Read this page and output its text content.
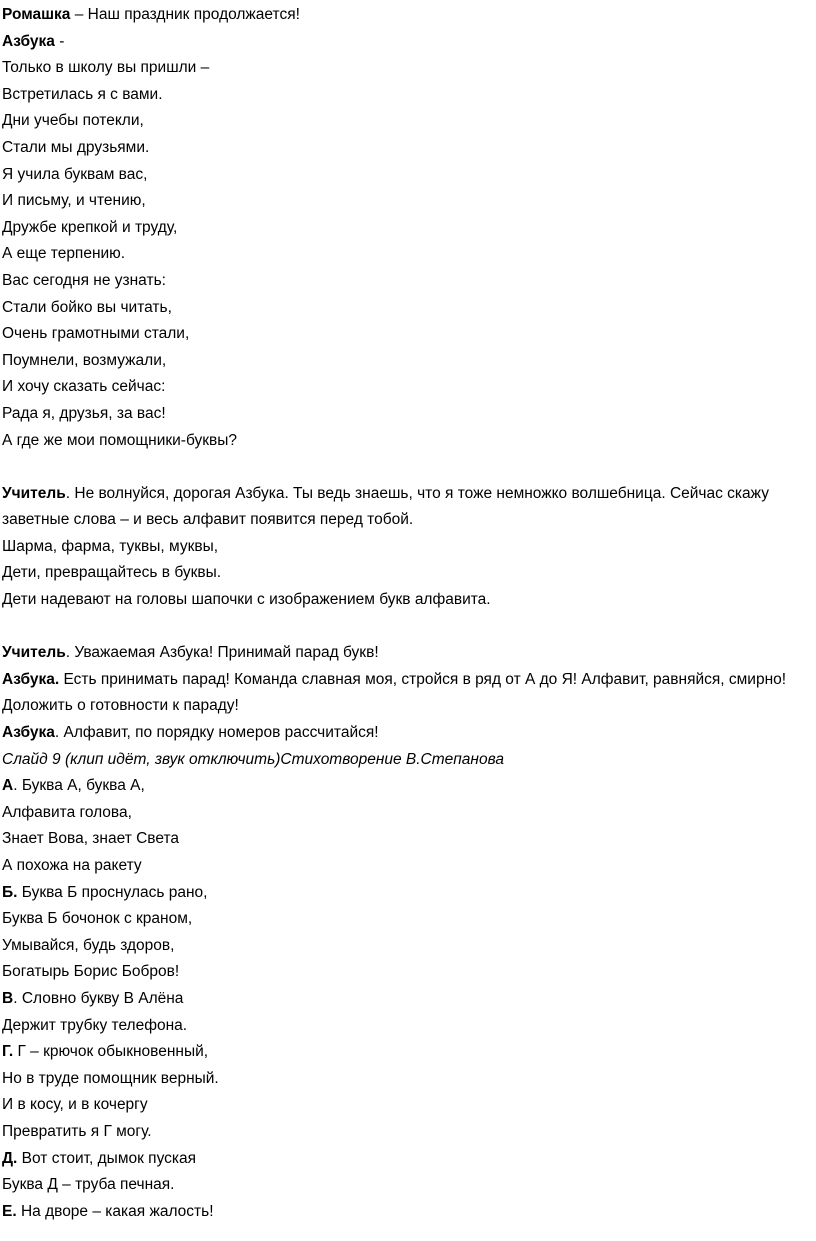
Ромашка – Наш праздник продолжается!

Азбука -

Только в школу вы пришли –

Встретилась я с вами.

Дни учебы потекли,

Стали мы друзьями.

Я учила буквам вас,

И письму, и чтению,

Дружбе крепкой и труду,

А еще терпению.

Вас сегодня не узнать:

Стали бойко вы читать,

Очень грамотными стали,

Поумнели, возмужали,

И хочу сказать сейчас:

Рада я, друзья, за вас!

А где же мои помощники-буквы?

Учитель. Не волнуйся, дорогая Азбука. Ты ведь знаешь, что я тоже немножко волшебница. Сейчас скажу заветные слова – и весь алфавит появится перед тобой.

Шарма, фарма, туквы, муквы,

Дети, превращайтесь в буквы.

Дети надевают на головы шапочки с изображением букв алфавита.

Учитель. Уважаемая Азбука! Принимай парад букв!

Азбука. Есть принимать парад! Команда славная моя, стройся в ряд от А до Я! Алфавит, равняйся, смирно! Доложить о готовности к параду!

Азбука. Алфавит, по порядку номеров рассчитайся!

Слайд 9 (клип идёт, звук отключить)Стихотворение В.Степанова

А. Буква А, буква А,

Алфавита голова,

Знает Вова, знает Света

А похожа на ракету

Б. Буква Б проснулась рано,

Буква Б бочонок с краном,

Умывайся, будь здоров,

Богатырь Борис Бобров!

В. Словно букву В Алёна

Держит трубку телефона.

Г. Г – крючок обыкновенный,

Но в труде помощник верный.

И в косу, и в кочергу

Превратить я Г могу.

Д. Вот стоит, дымок пуская

Буква Д – труба печная.

Е. На дворе – какая жалость!
